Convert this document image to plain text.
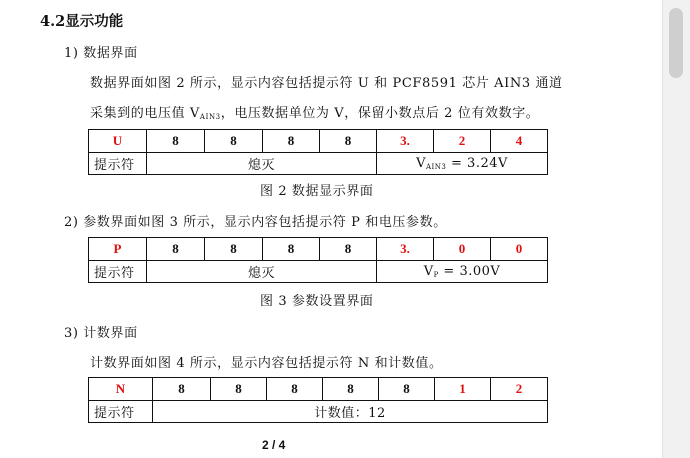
4.2显示功能
1) 数据界面
数据界面如图 2 所示，显示内容包括提示符 U 和 PCF8591 芯片 AIN3 通道
采集到的电压值 $V_{AIN3}$，电压数据单位为 V，保留小数点后 2 位有效数字。
U	8	8	8	8	3.	2	4
提示符	熄灭				$V_{AIN3} = 3.24V$		
图 2 数据显示界面
2) 参数界面如图 3 所示，显示内容包括提示符 P 和电压参数。
P	8	8	8	8	3.	0	0
提示符	熄灭				$V_P = 3.00V$		
图 3 参数设置界面
3) 计数界面
计数界面如图 4 所示，显示内容包括提示符 N 和计数值。
N	8	8	8	8	8	1	2
提示符	计数值：12						
2 / 4
